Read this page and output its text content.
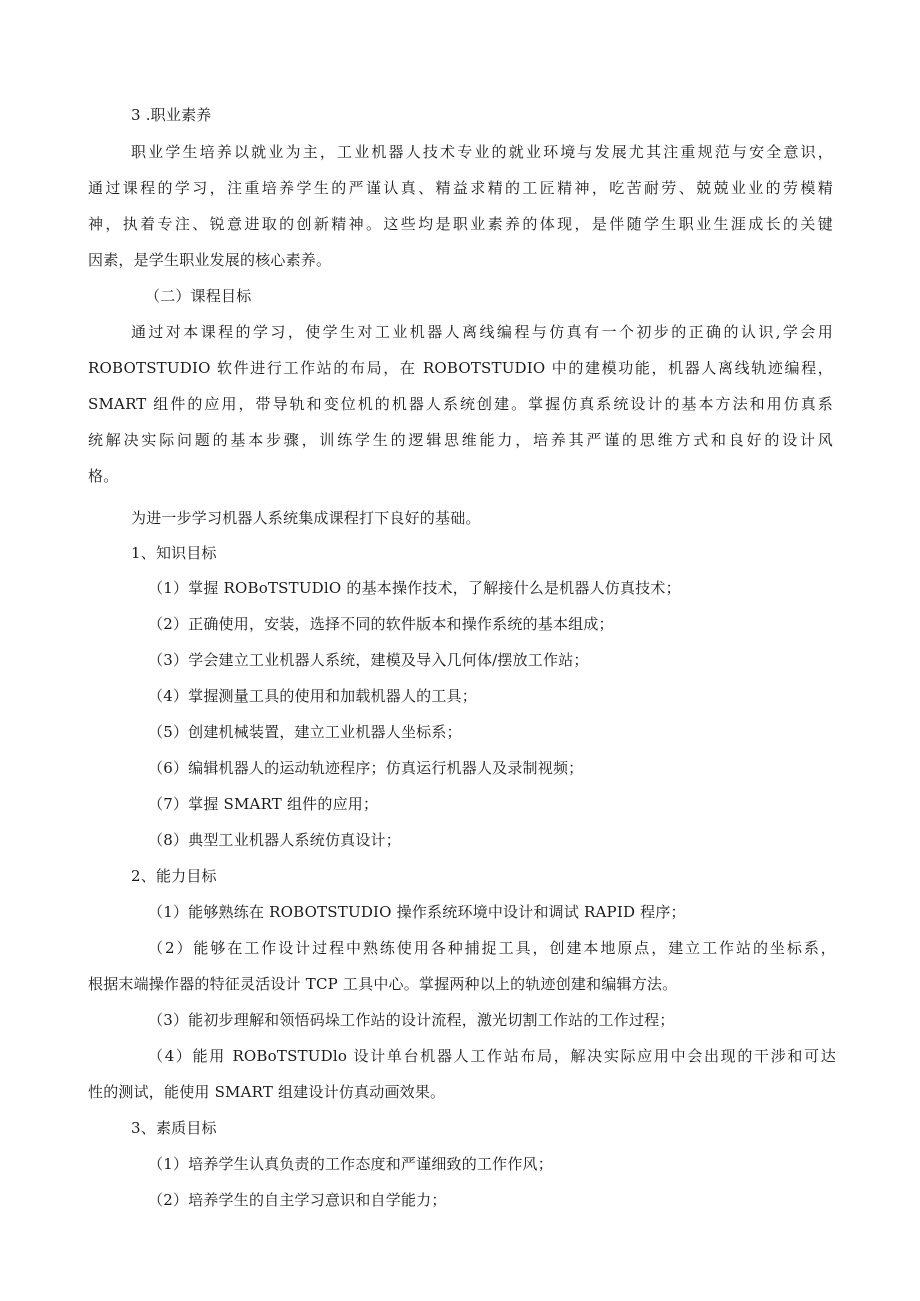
3 .职业素养
职业学生培养以就业为主，工业机器人技术专业的就业环境与发展尤其注重规范与安全意识，
通过课程的学习，注重培养学生的严谨认真、精益求精的工匠精神，吃苦耐劳、兢兢业业的劳模精
神，执着专注、锐意进取的创新精神。这些均是职业素养的体现，是伴随学生职业生涯成长的关键
因素，是学生职业发展的核心素养。
（二）课程目标
通过对本课程的学习，使学生对工业机器人离线编程与仿真有一个初步的正确的认识,学会用
ROBOTSTUDIO 软件进行工作站的布局，在 ROBOTSTUDIO 中的建模功能，机器人离线轨迹编程，
SMART 组件的应用，带导轨和变位机的机器人系统创建。掌握仿真系统设计的基本方法和用仿真系
统解决实际问题的基本步骤，训练学生的逻辑思维能力，培养其严谨的思维方式和良好的设计风
格。
为进一步学习机器人系统集成课程打下良好的基础。
1、知识目标
（1）掌握 ROBoTSTUDlO 的基本操作技术，了解接什么是机器人仿真技术；
（2）正确使用，安装，选择不同的软件版本和操作系统的基本组成；
（3）学会建立工业机器人系统，建模及导入几何体/摆放工作站；
（4）掌握测量工具的使用和加载机器人的工具；
（5）创建机械装置，建立工业机器人坐标系；
（6）编辑机器人的运动轨迹程序；仿真运行机器人及录制视频；
（7）掌握 SMART 组件的应用；
（8）典型工业机器人系统仿真设计；
2、能力目标
（1）能够熟练在 ROBOTSTUDIO 操作系统环境中设计和调试 RAPID 程序；
（2）能够在工作设计过程中熟练使用各种捕捉工具，创建本地原点，建立工作站的坐标系，
根据末端操作器的特征灵活设计 TCP 工具中心。掌握两种以上的轨迹创建和编辑方法。
（3）能初步理解和领悟码垛工作站的设计流程，激光切割工作站的工作过程；
（4）能用 ROBoTSTUDlo 设计单台机器人工作站布局，解决实际应用中会出现的干涉和可达
性的测试，能使用 SMART 组建设计仿真动画效果。
3、素质目标
（1）培养学生认真负责的工作态度和严谨细致的工作作风；
（2）培养学生的自主学习意识和自学能力；
